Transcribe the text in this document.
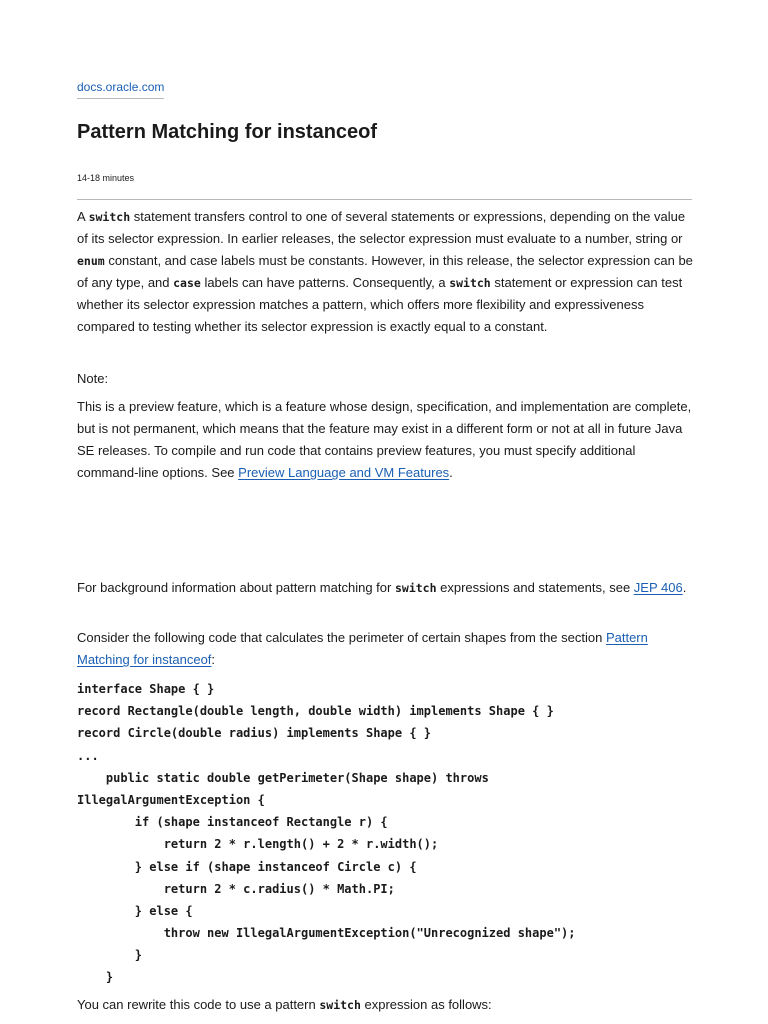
docs.oracle.com
Pattern Matching for instanceof
14-18 minutes

A switch statement transfers control to one of several statements or expressions, depending on the value of its selector expression. In earlier releases, the selector expression must evaluate to a number, string or enum constant, and case labels must be constants. However, in this release, the selector expression can be of any type, and case labels can have patterns. Consequently, a switch statement or expression can test whether its selector expression matches a pattern, which offers more flexibility and expressiveness compared to testing whether its selector expression is exactly equal to a constant.

Note:

This is a preview feature, which is a feature whose design, specification, and implementation are complete, but is not permanent, which means that the feature may exist in a different form or not at all in future Java SE releases. To compile and run code that contains preview features, you must specify additional command-line options. See Preview Language and VM Features.

For background information about pattern matching for switch expressions and statements, see JEP 406.

Consider the following code that calculates the perimeter of certain shapes from the section Pattern Matching for instanceof:

interface Shape { }
record Rectangle(double length, double width) implements Shape { }
record Circle(double radius) implements Shape { }
...
public static double getPerimeter(Shape shape) throws
IllegalArgumentException {
if (shape instanceof Rectangle r) {
return 2 * r.length() + 2 * r.width();
} else if (shape instanceof Circle c) {
return 2 * c.radius() * Math.PI;
} else {
throw new IllegalArgumentException("Unrecognized shape");
}
}

You can rewrite this code to use a pattern switch expression as follows:
